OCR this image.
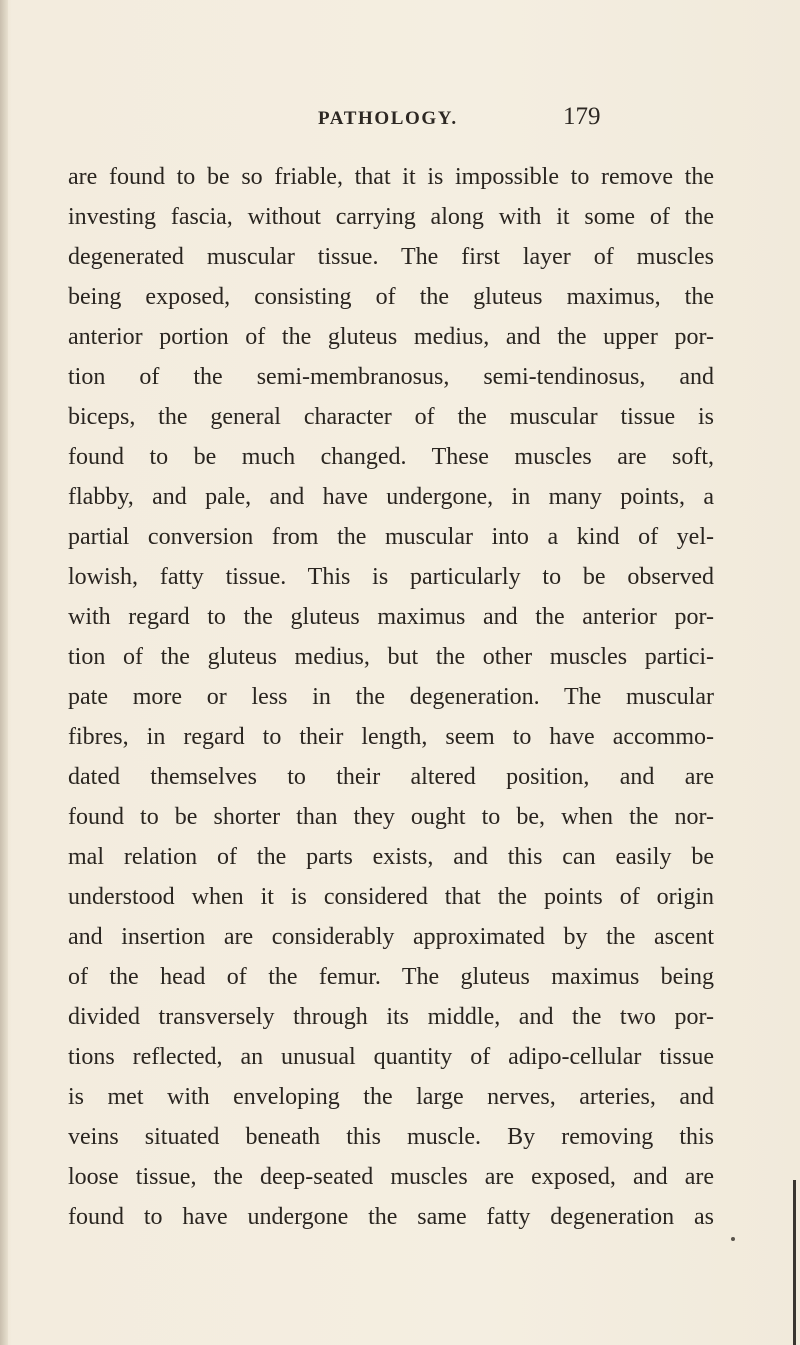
PATHOLOGY.	179
are found to be so friable, that it is impossible to remove the
investing fascia, without carrying along with it some of the
degenerated muscular tissue. The first layer of muscles
being exposed, consisting of the gluteus maximus, the
anterior portion of the gluteus medius, and the upper por-
tion of the semi-membranosus, semi-tendinosus, and
biceps, the general character of the muscular tissue is
found to be much changed. These muscles are soft,
flabby, and pale, and have undergone, in many points, a
partial conversion from the muscular into a kind of yel-
lowish, fatty tissue. This is particularly to be observed
with regard to the gluteus maximus and the anterior por-
tion of the gluteus medius, but the other muscles partici-
pate more or less in the degeneration. The muscular
fibres, in regard to their length, seem to have accommo-
dated themselves to their altered position, and are
found to be shorter than they ought to be, when the nor-
mal relation of the parts exists, and this can easily be
understood when it is considered that the points of origin
and insertion are considerably approximated by the ascent
of the head of the femur. The gluteus maximus being
divided transversely through its middle, and the two por-
tions reflected, an unusual quantity of adipo-cellular tissue
is met with enveloping the large nerves, arteries, and
veins situated beneath this muscle. By removing this
loose tissue, the deep-seated muscles are exposed, and are
found to have undergone the same fatty degeneration as
